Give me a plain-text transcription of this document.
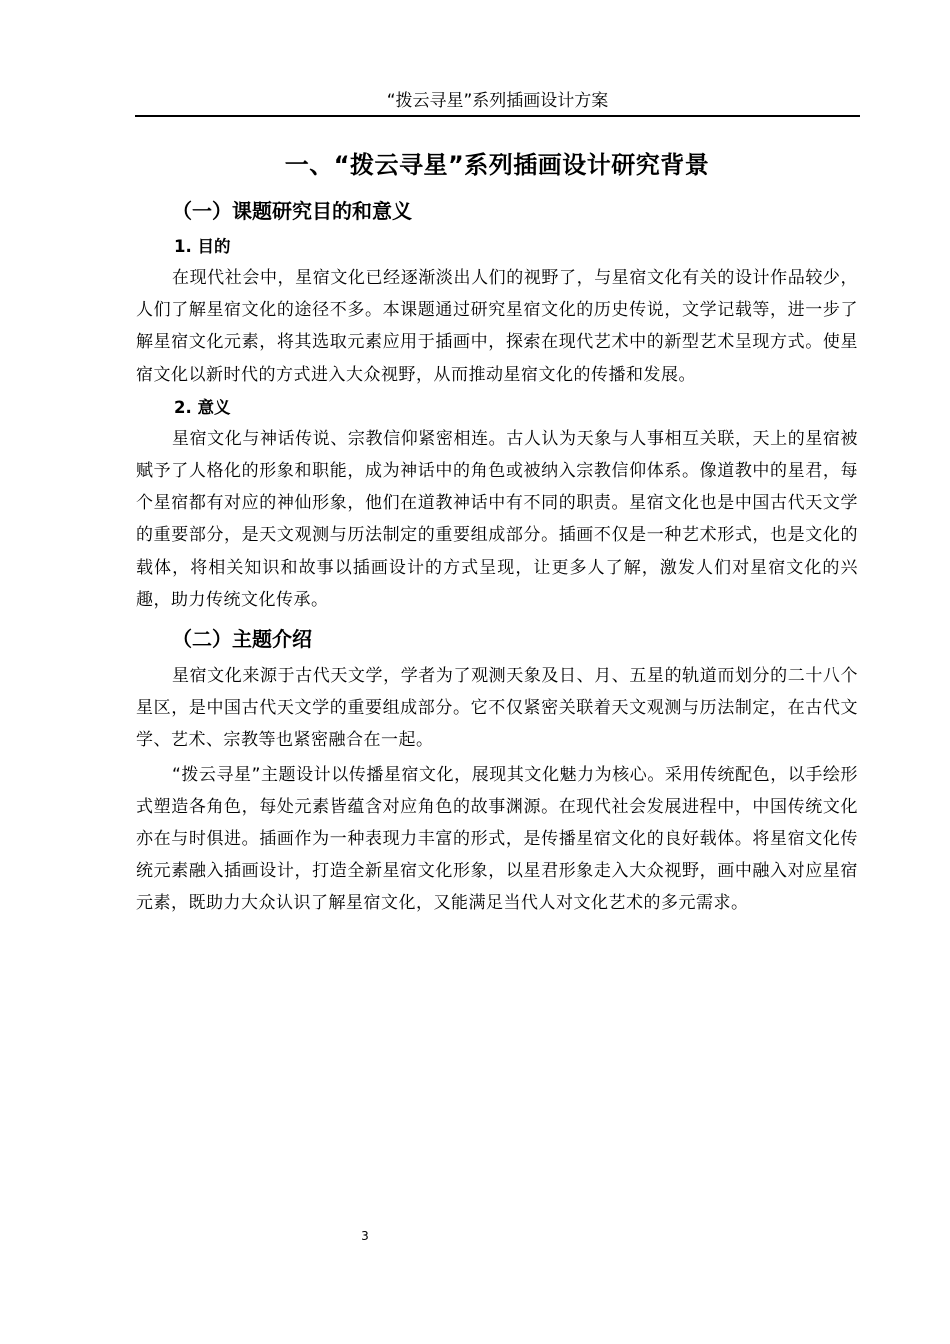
“拨云寻星”系列插画设计方案
一、“拨云寻星”系列插画设计研究背景
（一）课题研究目的和意义
1. 目的

在现代社会中，星宿文化已经逐渐淡出人们的视野了，与星宿文化有关的设计作品较少，人们了解星宿文化的途径不多。本课题通过研究星宿文化的历史传说，文学记载等，进一步了解星宿文化元素，将其选取元素应用于插画中，探索在现代艺术中的新型艺术呈现方式。使星宿文化以新时代的方式进入大众视野，从而推动星宿文化的传播和发展。

2. 意义

星宿文化与神话传说、宗教信仰紧密相连。古人认为天象与人事相互关联，天上的星宿被赋予了人格化的形象和职能，成为神话中的角色或被纳入宗教信仰体系。像道教中的星君，每个星宿都有对应的神仙形象，他们在道教神话中有不同的职责。星宿文化也是中国古代天文学的重要部分，是天文观测与历法制定的重要组成部分。插画不仅是一种艺术形式，也是文化的载体，将相关知识和故事以插画设计的方式呈现，让更多人了解，激发人们对星宿文化的兴趣，助力传统文化传承。

（二）主题介绍

星宿文化来源于古代天文学，学者为了观测天象及日、月、五星的轨道而划分的二十八个星区，是中国古代天文学的重要组成部分。它不仅紧密关联着天文观测与历法制定，在古代文学、艺术、宗教等也紧密融合在一起。

“拨云寻星”主题设计以传播星宿文化，展现其文化魅力为核心。采用传统配色，以手绘形式塑造各角色，每处元素皆蕴含对应角色的故事渊源。在现代社会发展进程中，中国传统文化亦在与时俱进。插画作为一种表现力丰富的形式，是传播星宿文化的良好载体。将星宿文化传统元素融入插画设计，打造全新星宿文化形象，以星君形象走入大众视野，画中融入对应星宿元素，既助力大众认识了解星宿文化，又能满足当代人对文化艺术的多元需求。

3
